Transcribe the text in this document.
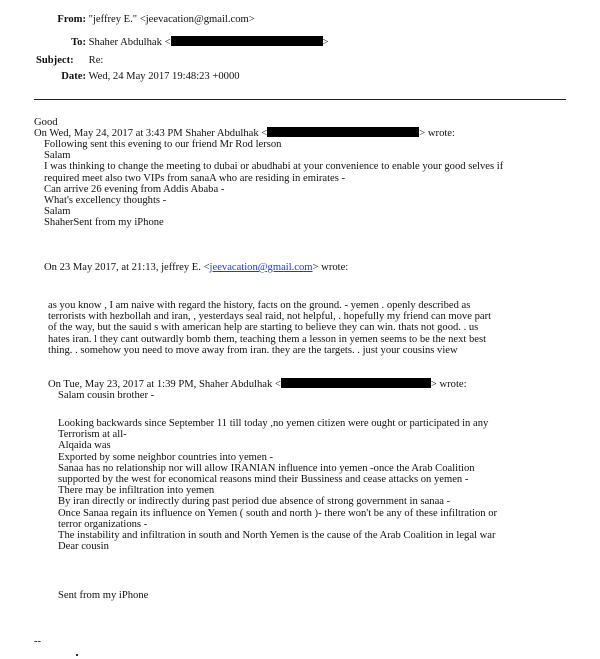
From: "jeffrey E." <jeevacation@gmail.com>
To: Shaher Abdulhak <	>
Subject: Re:
Date: Wed, 24 May 2017 19:48:23 +0000
Good
On Wed, May 24, 2017 at 3:43 PM Shaher Abdulhak <	> wrote:
Following sent this evening to our friend Mr Rod lerson
Salam
I was thinking to change the meeting to dubai or abudhabi at your convenience to enable your good selves if
required meet also two VIPs from sanaA who are residing in emirates -
Can arrive 26 evening from Addis Ababa -
What's excellency thoughts -
Salam
ShaherSent from my iPhone
On 23 May 2017, at 21:13, jeffrey E. <jeevacation@gmail.com> wrote:
as you know , I am naive with regard the history, facts on the ground. - yemen . openly described as
terrorists with hezbollah and iran, , yesterdays seal raid, not helpful, . hopefully my friend can move part
of the way, but the sauid s with american help are starting to believe they can win. thats not good. . us
hates iran. l they cant outwardly bomb them, teaching them a lesson in yemen seems to be the next best
thing. . somehow you need to move away from iran. they are the targets. . just your cousins view
On Tue, May 23, 2017 at 1:39 PM, Shaher Abdulhak <	> wrote:
Salam cousin brother -
Looking backwards since September 11 till today ,no yemen citizen were ought or participated in any
Terrorism at all-
Alqaida was
Exported by some neighbor countries into yemen -
Sanaa has no relationship nor will allow IRANIAN influence into yemen -once the Arab Coalition
supported by the west for economical reasons mind their Bussiness and cease attacks on yemen -
There may be infiltration into yemen
By iran directly or indirectly during past period due absence of strong government in sanaa -
Once Sanaa regain its influence on Yemen ( south and north )- there won't be any of these infiltration or
terror organizations -
The instability and infiltration in south and North Yemen is the cause of the Arab Coalition in legal war
Dear cousin
Sent from my iPhone
--
